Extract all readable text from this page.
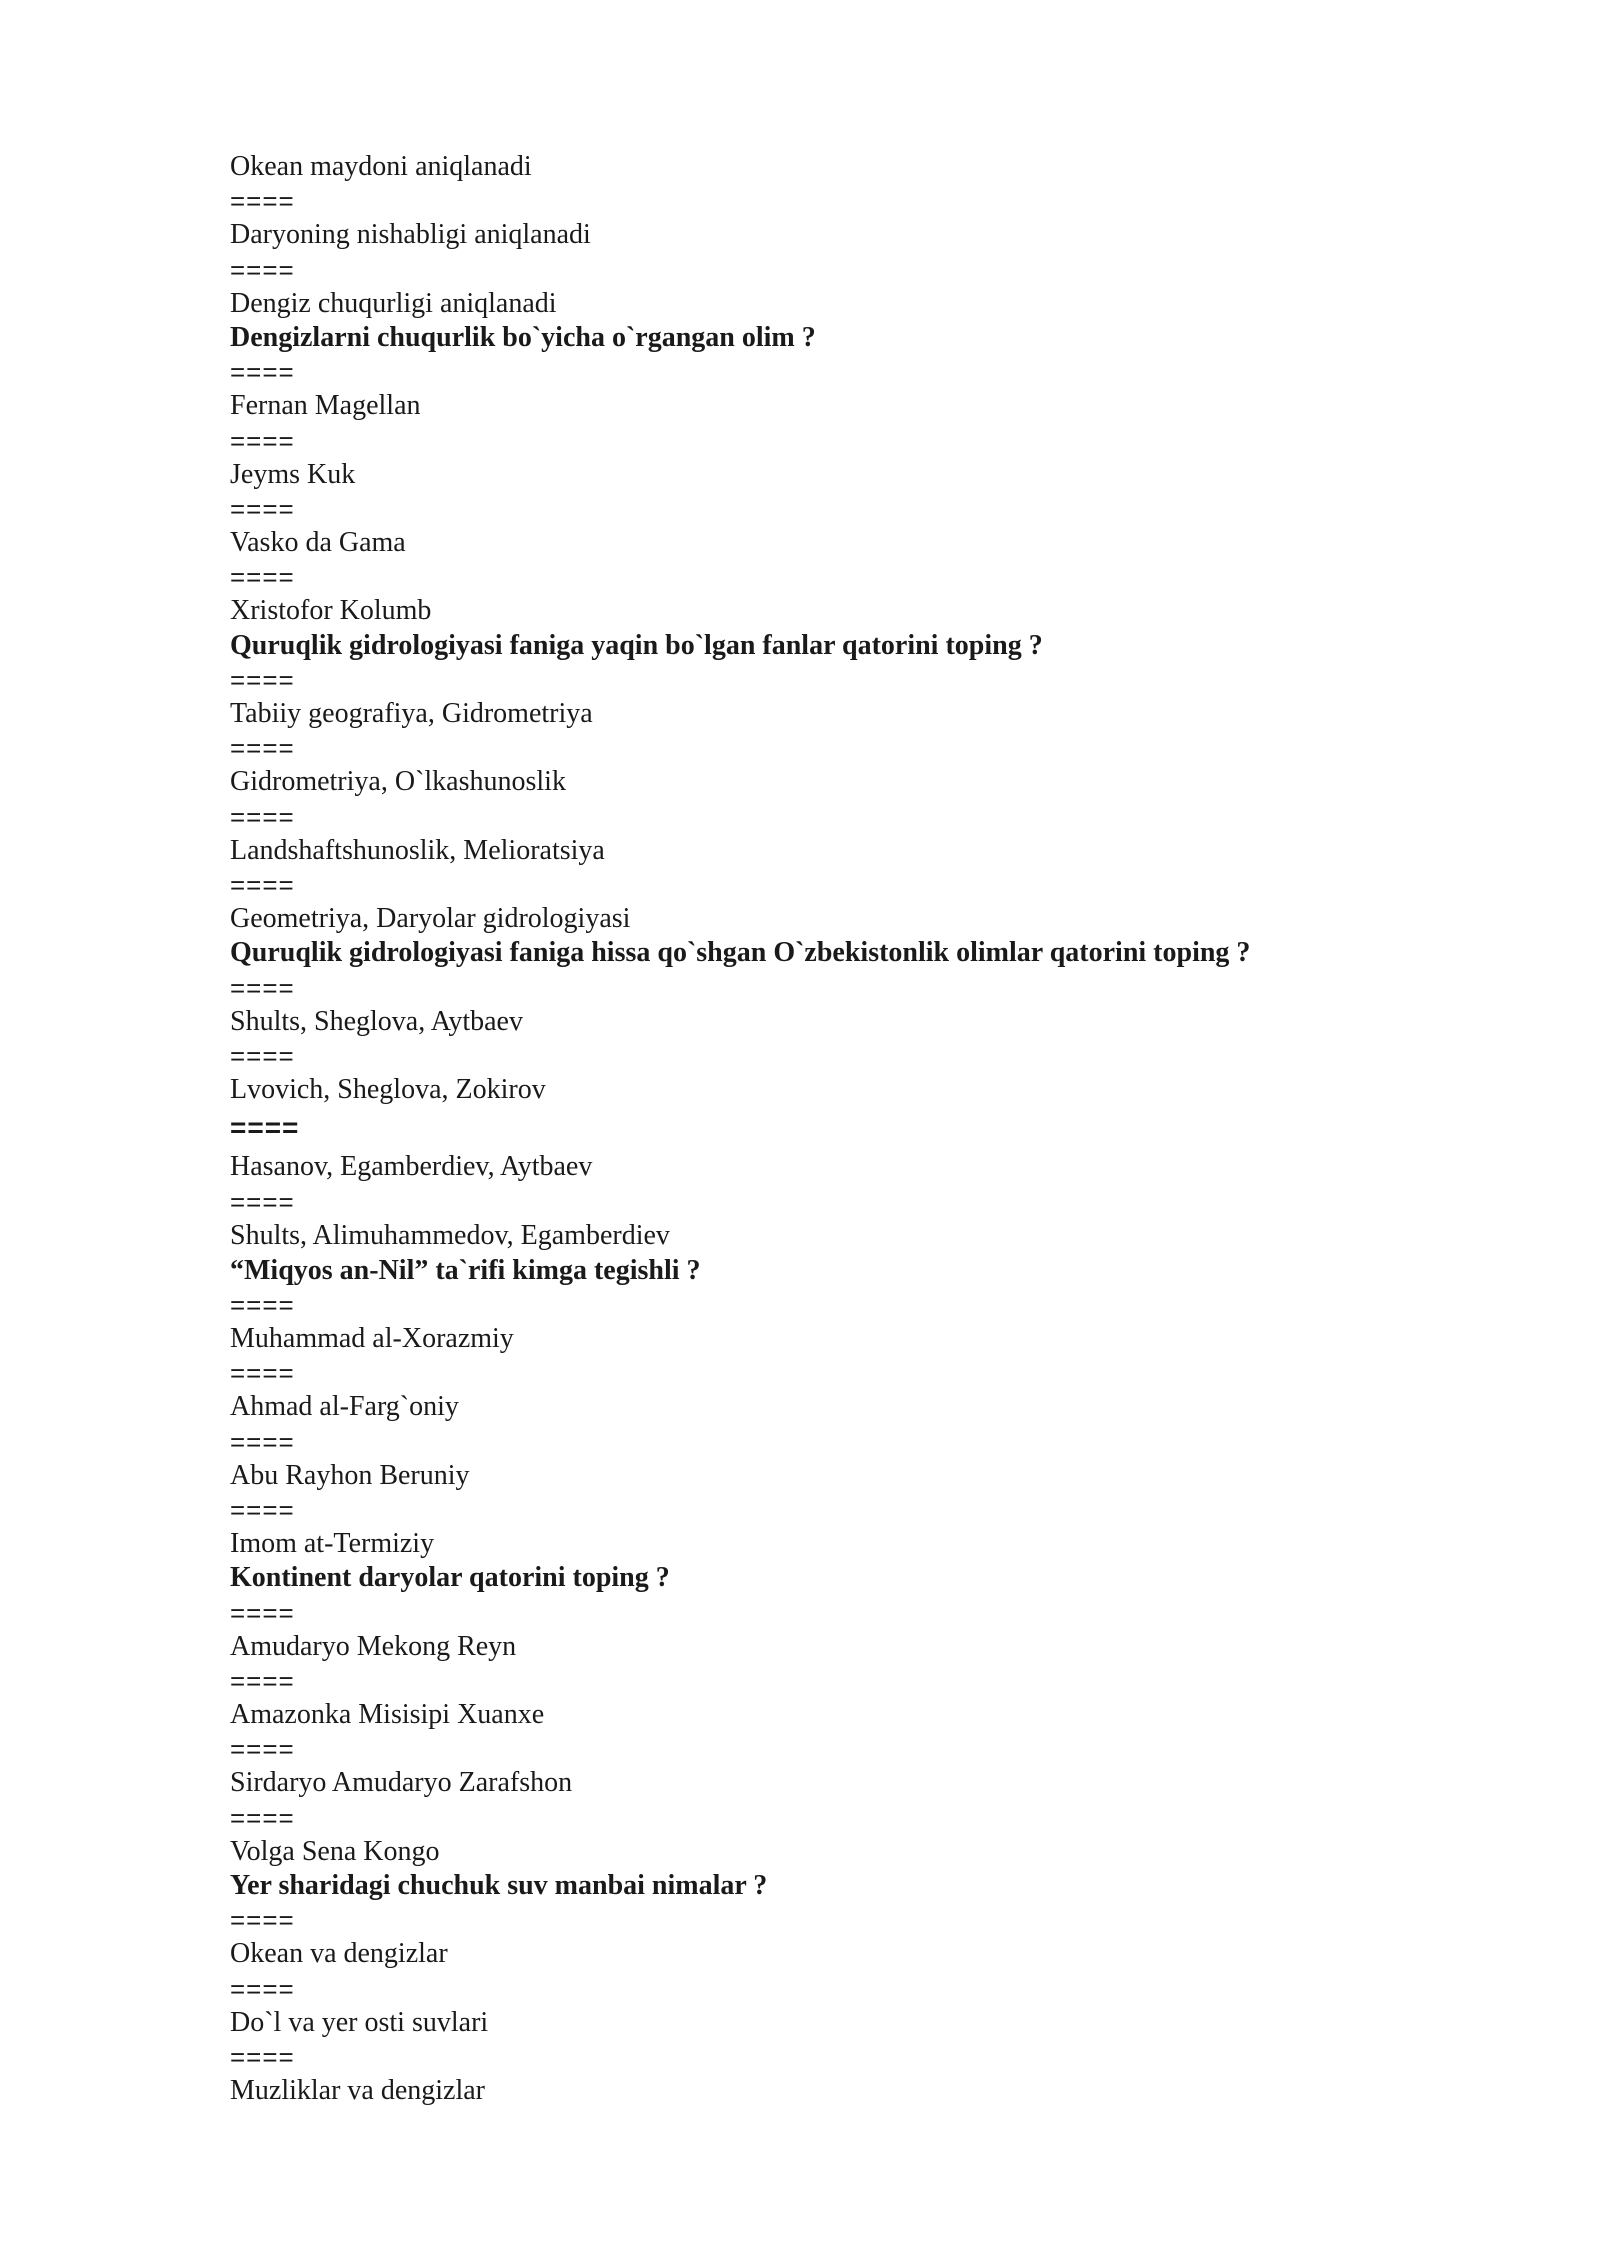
Okean maydoni aniqlanadi
====
Daryoning nishabligi aniqlanadi
====
Dengiz chuqurligi aniqlanadi
Dengizlarni chuqurlik bo`yicha o`rgangan olim ?
====
Fernan Magellan
====
Jeyms Kuk
====
Vasko da Gama
====
Xristofor Kolumb
Quruqlik gidrologiyasi faniga yaqin bo`lgan fanlar qatorini toping ?
====
Tabiiy geografiya, Gidrometriya
====
Gidrometriya, O`lkashunoslik
====
Landshaftshunoslik, Melioratsiya
====
Geometriya, Daryolar gidrologiyasi
Quruqlik gidrologiyasi faniga hissa qo`shgan O`zbekistonlik olimlar qatorini toping ?
====
Shults, Sheglova, Aytbaev
====
Lvovich, Sheglova, Zokirov
====
Hasanov, Egamberdiev, Aytbaev
====
Shults, Alimuhammedov, Egamberdiev
“Miqyos an-Nil” ta`rifi kimga tegishli ?
====
Muhammad al-Xorazmiy
====
Ahmad al-Farg`oniy
====
Abu Rayhon Beruniy
====
Imom at-Termiziy
Kontinent daryolar qatorini toping ?
====
Amudaryo Mekong Reyn
====
Amazonka Misisipi Xuanxe
====
Sirdaryo Amudaryo Zarafshon
====
Volga Sena Kongo
Yer sharidagi chuchuk suv manbai nimalar ?
====
Okean va dengizlar
====
Do`l va yer osti suvlari
====
Muzliklar va dengizlar
